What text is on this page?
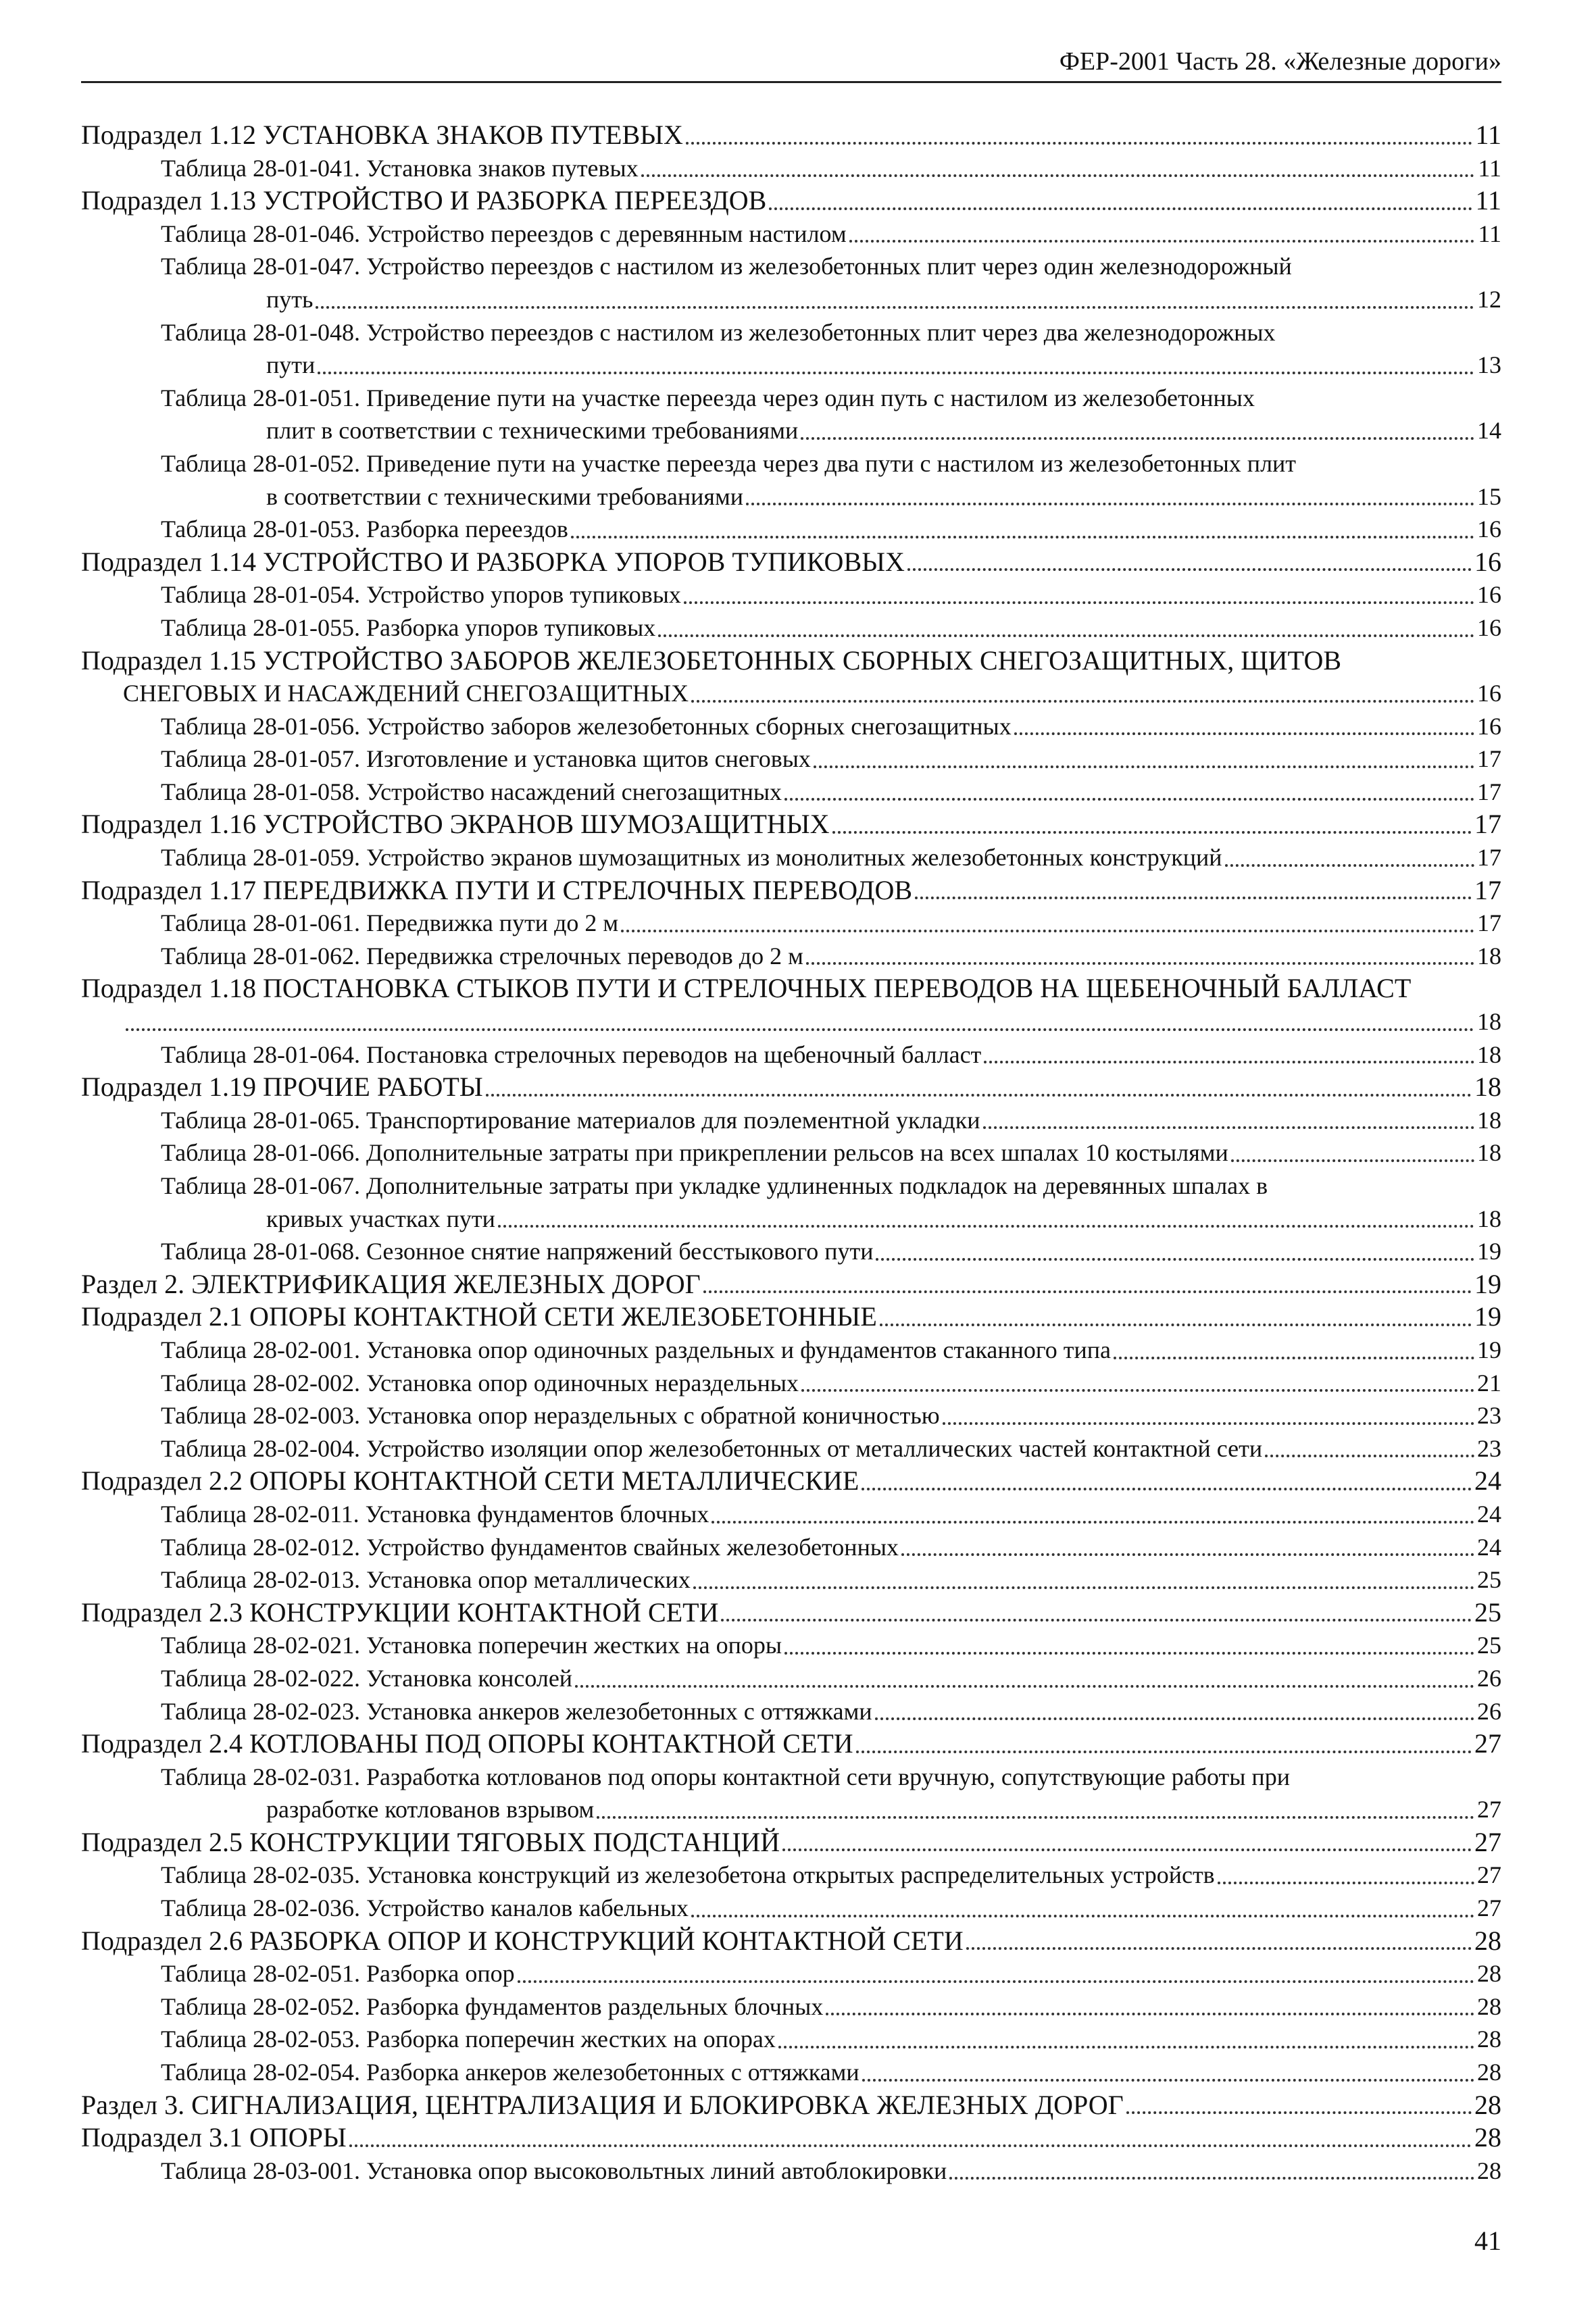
ФЕР-2001 Часть 28. «Железные дороги»
Подраздел 1.12 УСТАНОВКА ЗНАКОВ ПУТЕВЫХ	11
Таблица 28-01-041. Установка знаков путевых	11
Подраздел 1.13 УСТРОЙСТВО И РАЗБОРКА ПЕРЕЕЗДОВ	11
Таблица 28-01-046. Устройство переездов с деревянным настилом	11
Таблица 28-01-047. Устройство переездов с настилом из железобетонных плит через один железнодорожный
путь	12
Таблица 28-01-048. Устройство переездов с настилом из железобетонных плит через два железнодорожных
пути	13
Таблица 28-01-051. Приведение пути на участке переезда через один путь с настилом из железобетонных
плит в соответствии с техническими требованиями	14
Таблица 28-01-052. Приведение пути на участке переезда через два пути с настилом из железобетонных плит
в соответствии с техническими требованиями	15
Таблица 28-01-053. Разборка переездов	16
Подраздел 1.14 УСТРОЙСТВО И РАЗБОРКА УПОРОВ ТУПИКОВЫХ	16
Таблица 28-01-054. Устройство упоров тупиковых	16
Таблица 28-01-055. Разборка упоров тупиковых	16
Подраздел 1.15 УСТРОЙСТВО ЗАБОРОВ ЖЕЛЕЗОБЕТОННЫХ СБОРНЫХ СНЕГОЗАЩИТНЫХ, ЩИТОВ
СНЕГОВЫХ И НАСАЖДЕНИЙ СНЕГОЗАЩИТНЫХ	16
Таблица 28-01-056. Устройство заборов железобетонных сборных снегозащитных	16
Таблица 28-01-057. Изготовление и установка щитов снеговых	17
Таблица 28-01-058. Устройство насаждений снегозащитных	17
Подраздел 1.16 УСТРОЙСТВО ЭКРАНОВ ШУМОЗАЩИТНЫХ	17
Таблица 28-01-059. Устройство экранов шумозащитных из монолитных железобетонных конструкций	17
Подраздел 1.17 ПЕРЕДВИЖКА ПУТИ И СТРЕЛОЧНЫХ ПЕРЕВОДОВ	17
Таблица 28-01-061. Передвижка пути до 2 м	17
Таблица 28-01-062. Передвижка стрелочных переводов до 2 м	18
Подраздел 1.18 ПОСТАНОВКА СТЫКОВ ПУТИ И СТРЕЛОЧНЫХ ПЕРЕВОДОВ НА ЩЕБЕНОЧНЫЙ БАЛЛАСТ
18
Таблица 28-01-064. Постановка стрелочных переводов на щебеночный балласт	18
Подраздел 1.19 ПРОЧИЕ РАБОТЫ	18
Таблица 28-01-065. Транспортирование материалов для поэлементной укладки	18
Таблица 28-01-066. Дополнительные затраты при прикреплении рельсов на всех шпалах 10 костылями	18
Таблица 28-01-067. Дополнительные затраты при укладке удлиненных подкладок на деревянных шпалах в
кривых участках пути	18
Таблица 28-01-068. Сезонное снятие напряжений бесстыкового пути	19
Раздел 2. ЭЛЕКТРИФИКАЦИЯ ЖЕЛЕЗНЫХ ДОРОГ	19
Подраздел 2.1 ОПОРЫ КОНТАКТНОЙ СЕТИ ЖЕЛЕЗОБЕТОННЫЕ	19
Таблица 28-02-001. Установка опор одиночных раздельных и фундаментов стаканного типа	19
Таблица 28-02-002. Установка опор одиночных нераздельных	21
Таблица 28-02-003. Установка опор нераздельных с обратной коничностью	23
Таблица 28-02-004. Устройство изоляции опор железобетонных от металлических частей контактной сети	23
Подраздел 2.2 ОПОРЫ КОНТАКТНОЙ СЕТИ МЕТАЛЛИЧЕСКИЕ	24
Таблица 28-02-011. Установка фундаментов блочных	24
Таблица 28-02-012. Устройство фундаментов свайных железобетонных	24
Таблица 28-02-013. Установка опор металлических	25
Подраздел 2.3 КОНСТРУКЦИИ КОНТАКТНОЙ СЕТИ	25
Таблица 28-02-021. Установка поперечин жестких на опоры	25
Таблица 28-02-022. Установка консолей	26
Таблица 28-02-023. Установка анкеров железобетонных с оттяжками	26
Подраздел 2.4 КОТЛОВАНЫ ПОД ОПОРЫ КОНТАКТНОЙ СЕТИ	27
Таблица 28-02-031. Разработка котлованов под опоры контактной сети вручную, сопутствующие работы при
разработке котлованов взрывом	27
Подраздел 2.5 КОНСТРУКЦИИ ТЯГОВЫХ ПОДСТАНЦИЙ	27
Таблица 28-02-035. Установка конструкций из железобетона открытых распределительных устройств	27
Таблица 28-02-036. Устройство каналов кабельных	27
Подраздел 2.6 РАЗБОРКА ОПОР И КОНСТРУКЦИЙ КОНТАКТНОЙ СЕТИ	28
Таблица 28-02-051. Разборка опор	28
Таблица 28-02-052. Разборка фундаментов раздельных блочных	28
Таблица 28-02-053. Разборка поперечин жестких на опорах	28
Таблица 28-02-054. Разборка анкеров железобетонных с оттяжками	28
Раздел 3. СИГНАЛИЗАЦИЯ, ЦЕНТРАЛИЗАЦИЯ И БЛОКИРОВКА ЖЕЛЕЗНЫХ ДОРОГ	28
Подраздел 3.1 ОПОРЫ	28
Таблица 28-03-001. Установка опор высоковольтных линий автоблокировки	28
41
